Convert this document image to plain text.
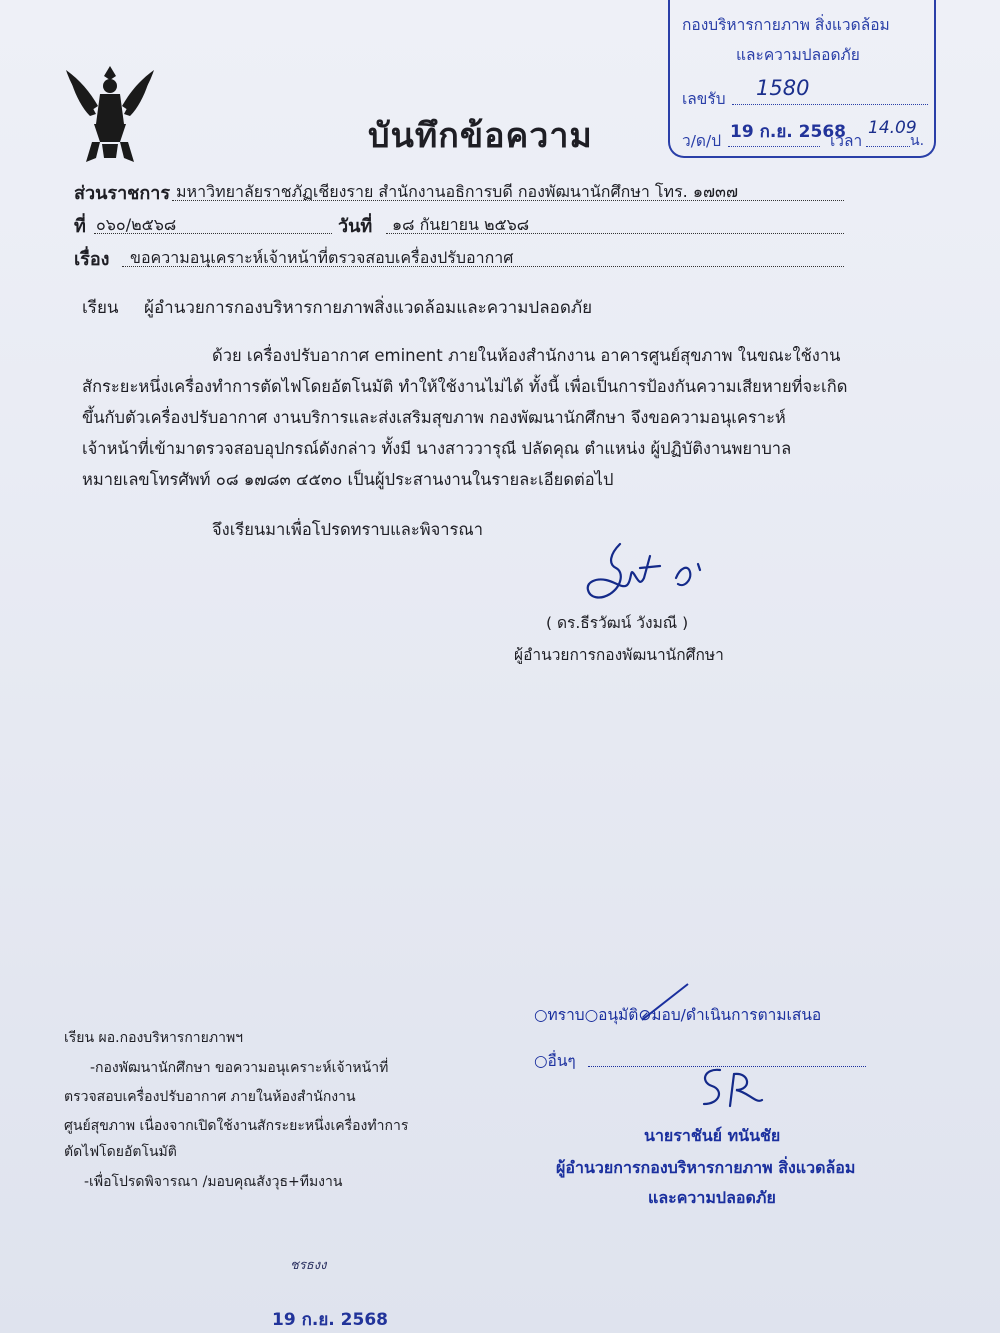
บันทึกข้อความ
กองบริหารกายภาพ สิ่งแวดล้อม
และความปลอดภัย
เลขรับ 1580
ว/ด/ป 19 ก.ย. 2568
เวลา
14.09
น.
ส่วนราชการ มหาวิทยาลัยราชภัฏเชียงราย สำนักงานอธิการบดี กองพัฒนานักศึกษา โทร. ๑๗๓๗
ที่ ๐๖๐/๒๕๖๘	วันที่ ๑๘ กันยายน ๒๕๖๘
เรื่อง ขอความอนุเคราะห์เจ้าหน้าที่ตรวจสอบเครื่องปรับอากาศ
เรียน ผู้อำนวยการกองบริหารกายภาพสิ่งแวดล้อมและความปลอดภัย
ด้วย เครื่องปรับอากาศ eminent ภายในห้องสำนักงาน อาคารศูนย์สุขภาพ ในขณะใช้งาน
สักระยะหนึ่งเครื่องทำการตัดไฟโดยอัตโนมัติ ทำให้ใช้งานไม่ได้ ทั้งนี้ เพื่อเป็นการป้องกันความเสียหายที่จะเกิด
ขึ้นกับตัวเครื่องปรับอากาศ งานบริการและส่งเสริมสุขภาพ กองพัฒนานักศึกษา จึงขอความอนุเคราะห์
เจ้าหน้าที่เข้ามาตรวจสอบอุปกรณ์ดังกล่าว ทั้งมี นางสาววารุณี ปลัดคุณ ตำแหน่ง ผู้ปฏิบัติงานพยาบาล
หมายเลขโทรศัพท์ ๐๘ ๑๗๘๓ ๔๕๓๐ เป็นผู้ประสานงานในรายละเอียดต่อไป
จึงเรียนมาเพื่อโปรดทราบและพิจารณา
( ดร.ธีรวัฒน์ วังมณี )
ผู้อำนวยการกองพัฒนานักศึกษา
เรียน ผอ.กองบริหารกายภาพฯ
-กองพัฒนานักศึกษา ขอความอนุเคราะห์เจ้าหน้าที่
ตรวจสอบเครื่องปรับอากาศ ภายในห้องสำนักงาน
ศูนย์สุขภาพ เนื่องจากเปิดใช้งานสักระยะหนึ่งเครื่องทำการ
ตัดไฟโดยอัตโนมัติ
-เพื่อโปรดพิจารณา /มอบคุณสังวุธ+ทีมงาน
ชรธงง
19 ก.ย. 2568
○ทราบ○อนุมัติ⊘มอบ/ดำเนินการตามเสนอ
○อื่นๆ
นายราชันย์ ทนันชัย
ผู้อำนวยการกองบริหารกายภาพ สิ่งแวดล้อม
และความปลอดภัย
